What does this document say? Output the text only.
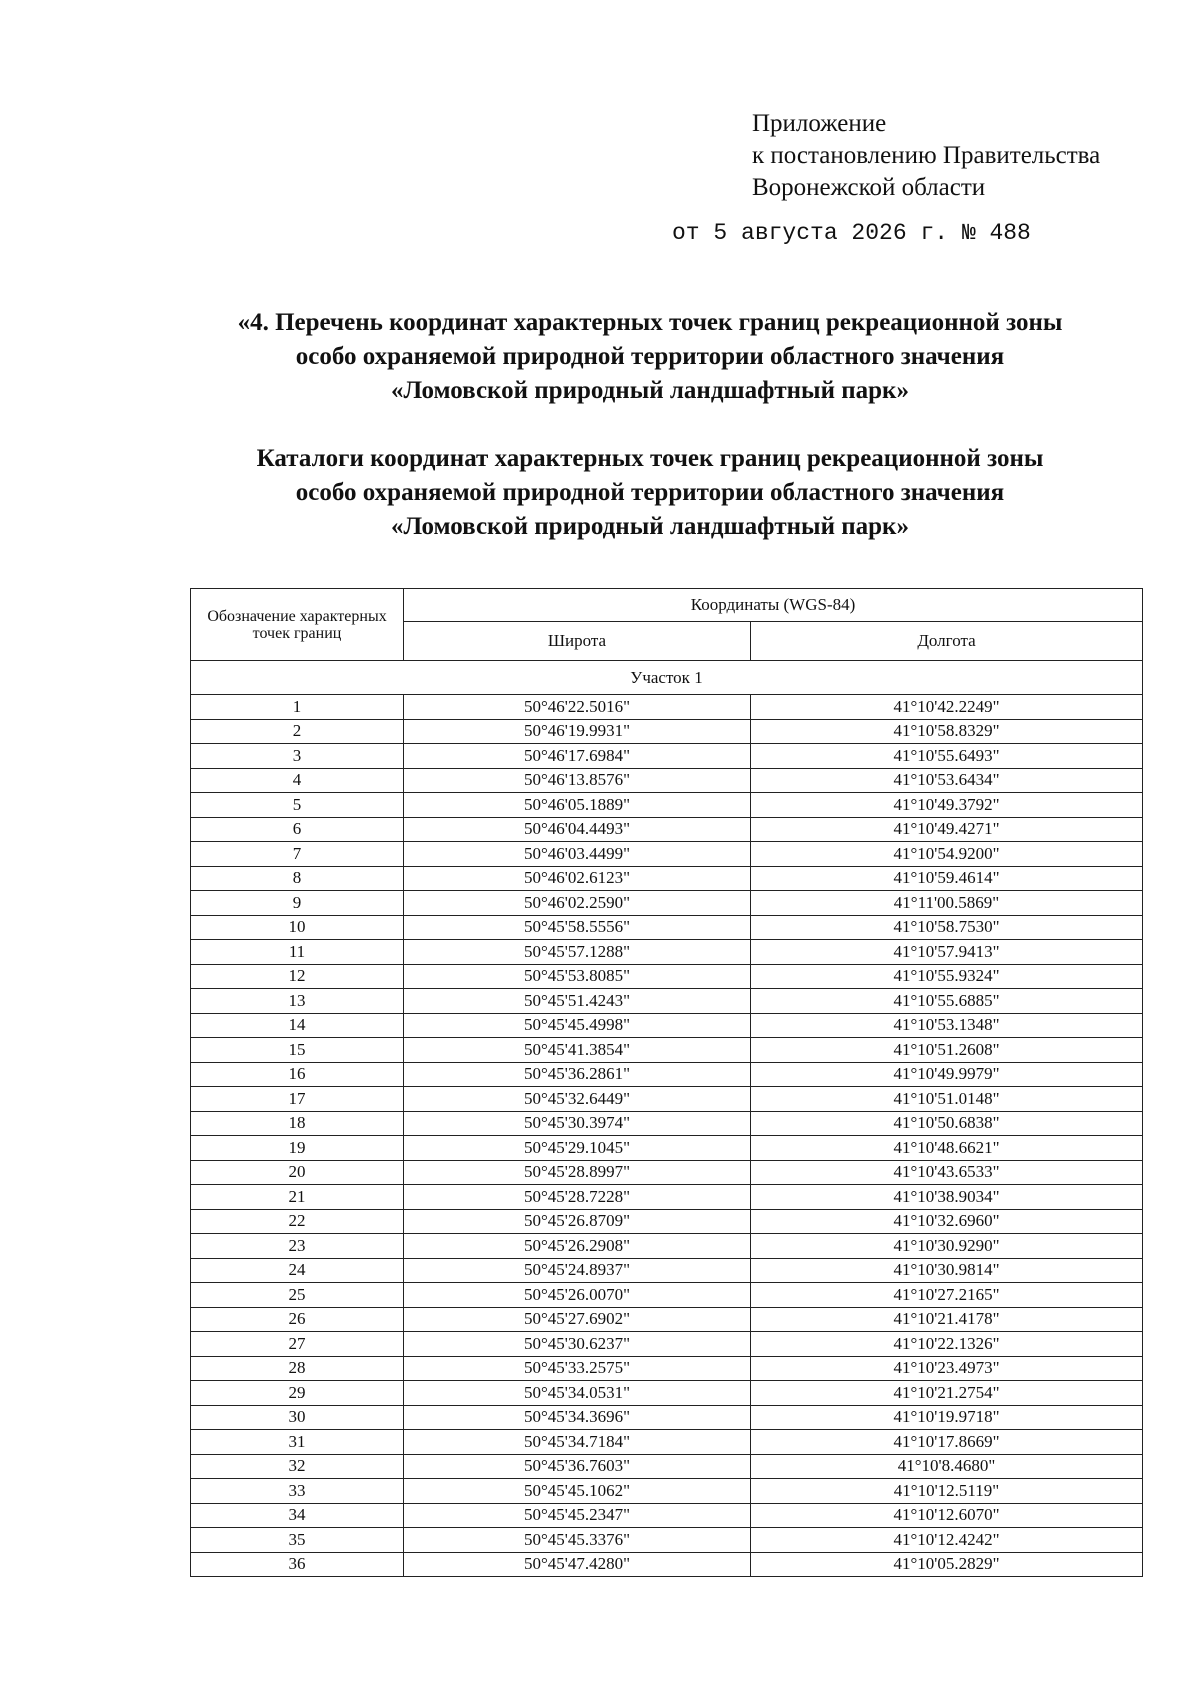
Приложение
к постановлению Правительства
Воронежской области
от 5 августа 2026 г. № 488
«4. Перечень координат характерных точек границ рекреационной зоны
особо охраняемой природной территории областного значения
«Ломовской природный ландшафтный парк»
Каталоги координат характерных точек границ рекреационной зоны
особо охраняемой природной территории областного значения
«Ломовской природный ландшафтный парк»
Обозначение характерных точек границ	Координаты (WGS-84)	
	Широта	Долгота
Участок 1		
1	50°46'22.5016"	41°10'42.2249"
2	50°46'19.9931"	41°10'58.8329"
3	50°46'17.6984"	41°10'55.6493"
4	50°46'13.8576"	41°10'53.6434"
5	50°46'05.1889"	41°10'49.3792"
6	50°46'04.4493"	41°10'49.4271"
7	50°46'03.4499"	41°10'54.9200"
8	50°46'02.6123"	41°10'59.4614"
9	50°46'02.2590"	41°11'00.5869"
10	50°45'58.5556"	41°10'58.7530"
11	50°45'57.1288"	41°10'57.9413"
12	50°45'53.8085"	41°10'55.9324"
13	50°45'51.4243"	41°10'55.6885"
14	50°45'45.4998"	41°10'53.1348"
15	50°45'41.3854"	41°10'51.2608"
16	50°45'36.2861"	41°10'49.9979"
17	50°45'32.6449"	41°10'51.0148"
18	50°45'30.3974"	41°10'50.6838"
19	50°45'29.1045"	41°10'48.6621"
20	50°45'28.8997"	41°10'43.6533"
21	50°45'28.7228"	41°10'38.9034"
22	50°45'26.8709"	41°10'32.6960"
23	50°45'26.2908"	41°10'30.9290"
24	50°45'24.8937"	41°10'30.9814"
25	50°45'26.0070"	41°10'27.2165"
26	50°45'27.6902"	41°10'21.4178"
27	50°45'30.6237"	41°10'22.1326"
28	50°45'33.2575"	41°10'23.4973"
29	50°45'34.0531"	41°10'21.2754"
30	50°45'34.3696"	41°10'19.9718"
31	50°45'34.7184"	41°10'17.8669"
32	50°45'36.7603"	41°10'8.4680"
33	50°45'45.1062"	41°10'12.5119"
34	50°45'45.2347"	41°10'12.6070"
35	50°45'45.3376"	41°10'12.4242"
36	50°45'47.4280"	41°10'05.2829"
